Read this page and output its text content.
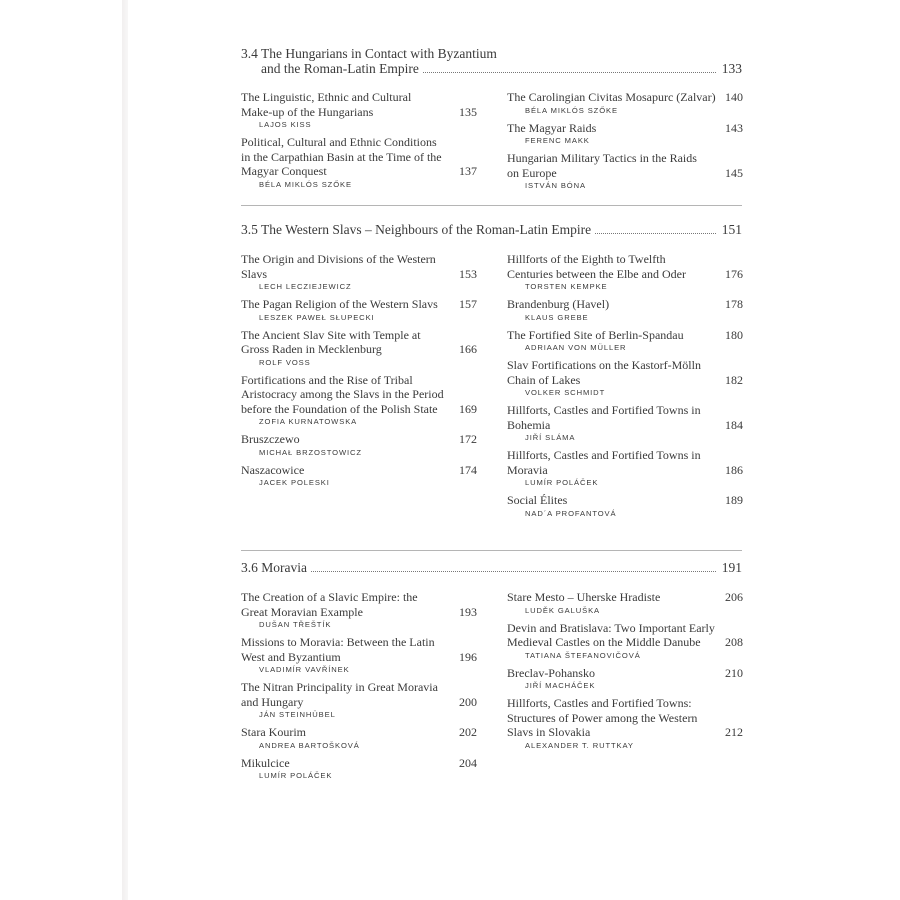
3.4 The Hungarians in Contact with Byzantium
and the Roman-Latin Empire	133
The Linguistic, Ethnic and Cultural Make-up of the Hungarians	135
LAJOS KISS
Political, Cultural and Ethnic Conditions in the Carpathian Basin at the Time of the Magyar Conquest	137
BÉLA MIKLÓS SZŐKE
The Carolingian Civitas Mosapurc (Zalvar) 140
BÉLA MIKLÓS SZŐKE
The Magyar Raids	143
FERENC MAKK
Hungarian Military Tactics in the Raids on Europe	145
ISTVÁN BÓNA
3.5 The Western Slavs – Neighbours of the Roman-Latin Empire	151
The Origin and Divisions of the Western Slavs	153
LECH LECZIEJEWICZ
The Pagan Religion of the Western Slavs	157
LESZEK PAWEŁ SŁUPECKI
The Ancient Slav Site with Temple at Gross Raden in Mecklenburg	166
ROLF VOSS
Fortifications and the Rise of Tribal Aristocracy among the Slavs in the Period before the Foundation of the Polish State	169
ZOFIA KURNATOWSKA
Bruszczewo	172
MICHAŁ BRZOSTOWICZ
Naszacowice	174
JACEK POLESKI
Hillforts of the Eighth to Twelfth Centuries between the Elbe and Oder	176
TORSTEN KEMPKE
Brandenburg (Havel)	178
KLAUS GREBE
The Fortified Site of Berlin-Spandau	180
ADRIAAN VON MÜLLER
Slav Fortifications on the Kastorf-Mölln Chain of Lakes	182
VOLKER SCHMIDT
Hillforts, Castles and Fortified Towns in Bohemia	184
JIŘÍ SLÁMA
Hillforts, Castles and Fortified Towns in Moravia	186
LUMÍR POLÁČEK
Social Élites	189
NAD´A PROFANTOVÁ
3.6 Moravia	191
The Creation of a Slavic Empire: the Great Moravian Example	193
DUŠAN TŘEŠTÍK
Missions to Moravia: Between the Latin West and Byzantium	196
VLADIMÍR VAVŘÍNEK
The Nitran Principality in Great Moravia and Hungary	200
JÁN STEINHÜBEL
Stara Kourim	202
ANDREA BARTOŠKOVÁ
Mikulcice	204
LUMÍR POLÁČEK
Stare Mesto – Uherske Hradiste	206
LUDĚK GALUŠKA
Devin and Bratislava: Two Important Early Medieval Castles on the Middle Danube	208
TATIANA ŠTEFANOVIČOVÁ
Breclav-Pohansko	210
JIŘÍ MACHÁČEK
Hillforts, Castles and Fortified Towns: Structures of Power among the Western Slavs in Slovakia	212
ALEXANDER T. RUTTKAY
